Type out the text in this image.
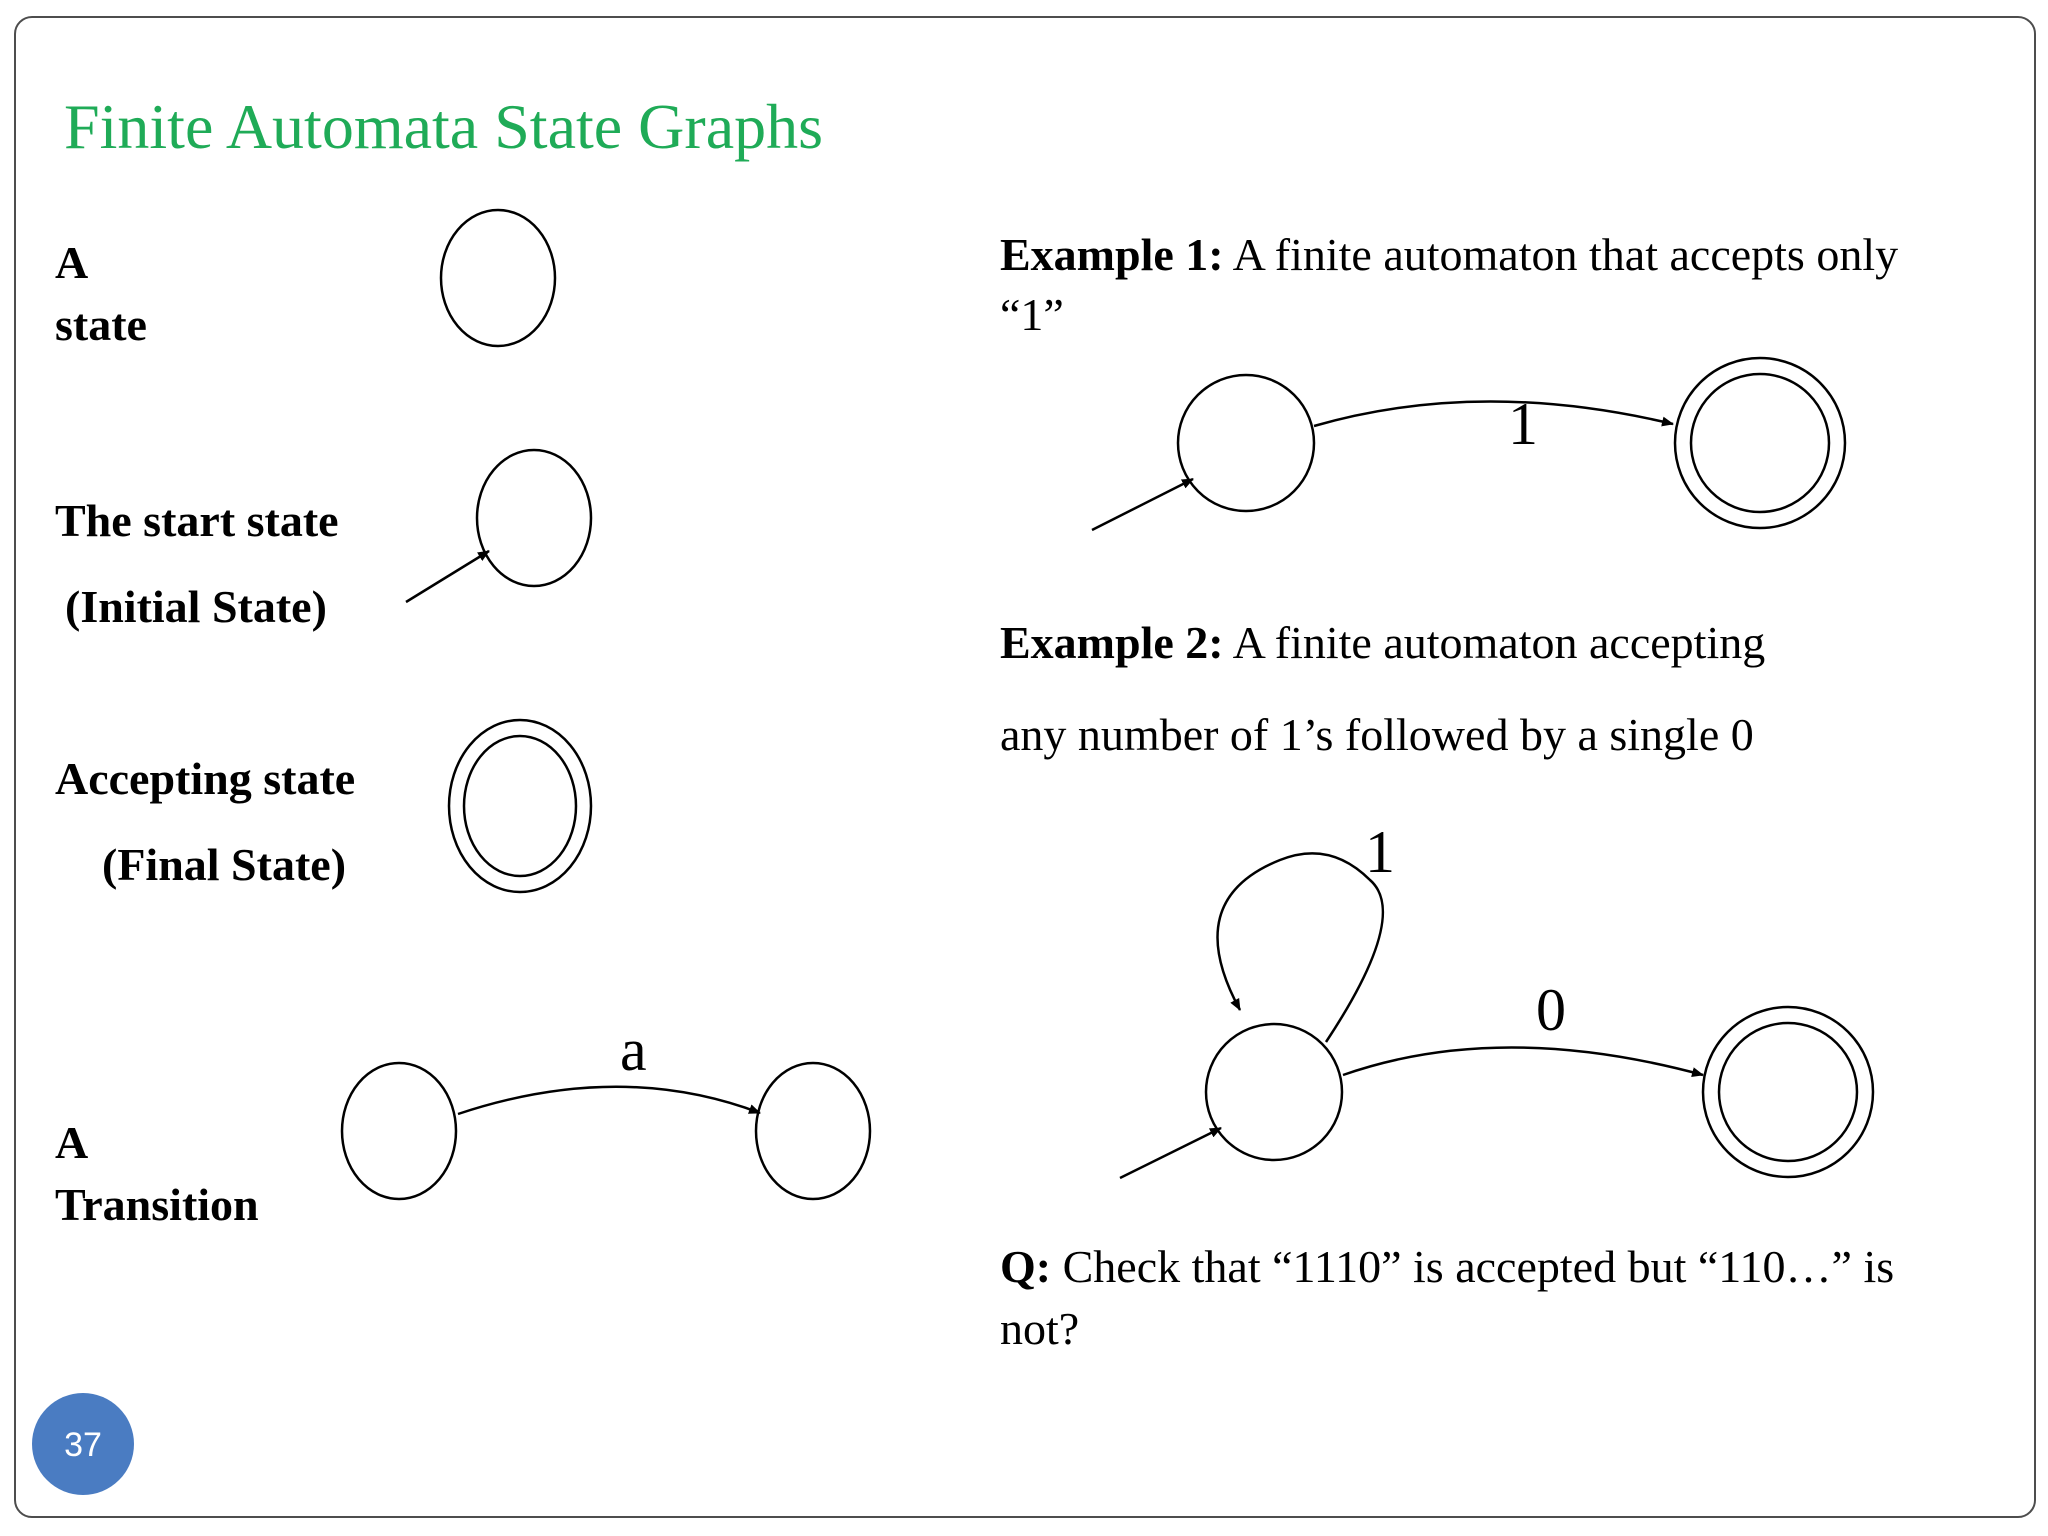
Finite Automata State Graphs
A
state
The start state
(Initial State)
Accepting state
(Final State)
A
Transition
a
Example 1: A finite automaton that accepts only
“1”
1
Example 2: A finite automaton accepting
any number of 1’s followed by a single 0
1
0
Q: Check that “1110” is accepted but “110…” is
not?
37
